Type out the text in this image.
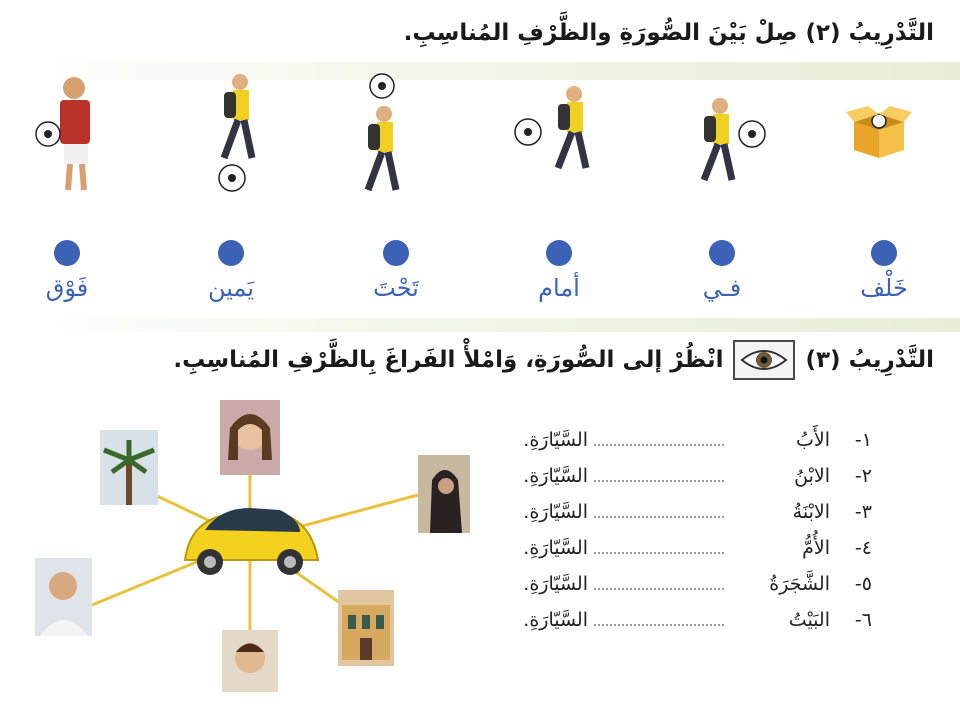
التَّدْرِيبُ (٢) صِلْ بَيْنَ الصُّورَةِ والظَّرْفِ المُناسِبِ.
خَلْف
فـي
أمام
تَحْتَ
يَمين
فَوْق
التَّدْرِيبُ (٣)
انْظُرْ إلى الصُّورَةِ، وَامْلأْ الفَراغَ بِالظَّرْفِ المُناسِبِ.
١-
الأَبُ
السَّيّارَةِ.
٢-
الابْنُ
السَّيّارَةِ.
٣-
الابْنَةُ
السَّيّارَةِ.
٤-
الأُمُّ
السَّيّارَةِ.
٥-
الشَّجَرَةُ
السَّيّارَةِ.
٦-
البَيْتُ
السَّيّارَةِ.
